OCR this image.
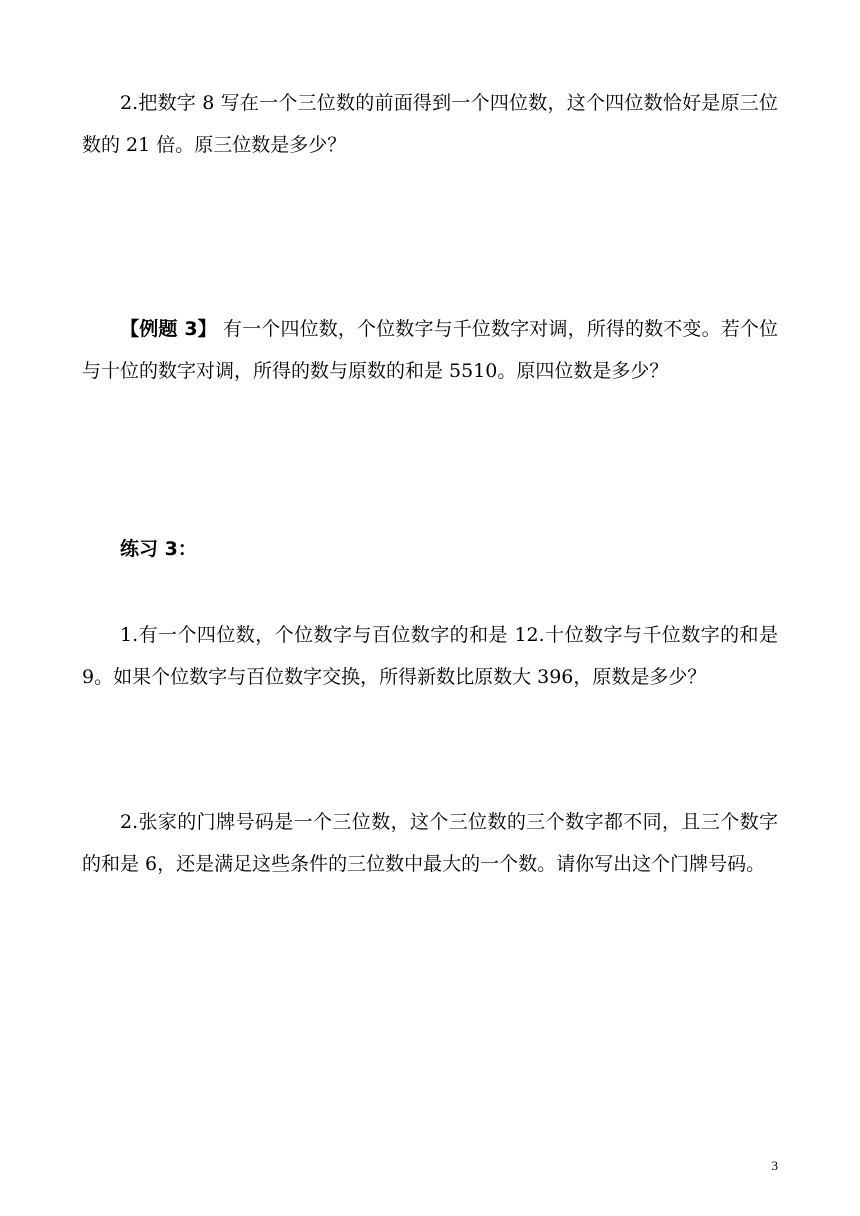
2.把数字 8 写在一个三位数的前面得到一个四位数，这个四位数恰好是原三位数的 21 倍。原三位数是多少？

【例题 3】 有一个四位数，个位数字与千位数字对调，所得的数不变。若个位与十位的数字对调，所得的数与原数的和是 5510。原四位数是多少？

练习 3：

1.有一个四位数，个位数字与百位数字的和是 12.十位数字与千位数字的和是 9。如果个位数字与百位数字交换，所得新数比原数大 396，原数是多少？

2.张家的门牌号码是一个三位数，这个三位数的三个数字都不同，且三个数字的和是 6，还是满足这些条件的三位数中最大的一个数。请你写出这个门牌号码。

3
